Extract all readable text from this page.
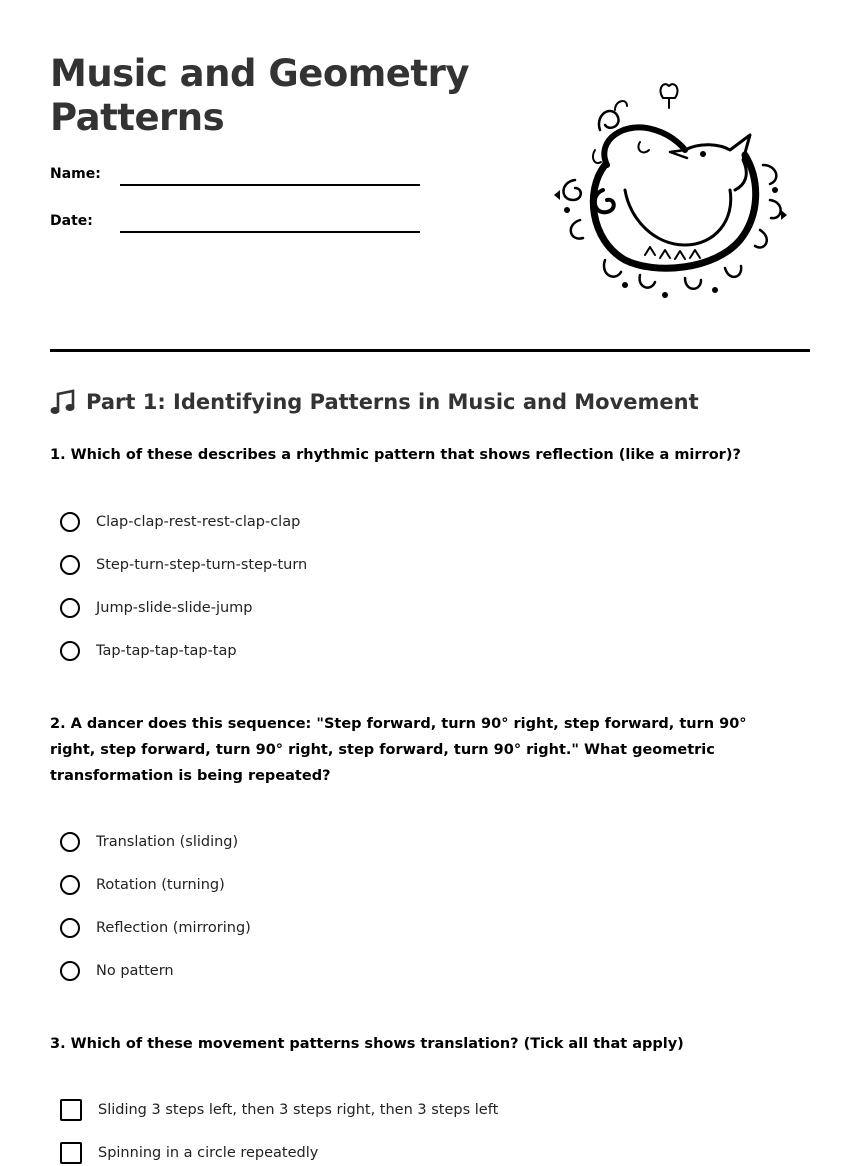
Music and Geometry
Patterns
Name:
Date:
Part 1: Identifying Patterns in Music and Movement

1. Which of these describes a rhythmic pattern that shows reflection (like a mirror)?

Clap-clap-rest-rest-clap-clap
Step-turn-step-turn-step-turn
Jump-slide-slide-jump
Tap-tap-tap-tap-tap

2. A dancer does this sequence: "Step forward, turn 90° right, step forward, turn 90° right, step forward, turn 90° right, step forward, turn 90° right." What geometric transformation is being repeated?

Translation (sliding)
Rotation (turning)
Reflection (mirroring)
No pattern

3. Which of these movement patterns shows translation? (Tick all that apply)

Sliding 3 steps left, then 3 steps right, then 3 steps left
Spinning in a circle repeatedly
